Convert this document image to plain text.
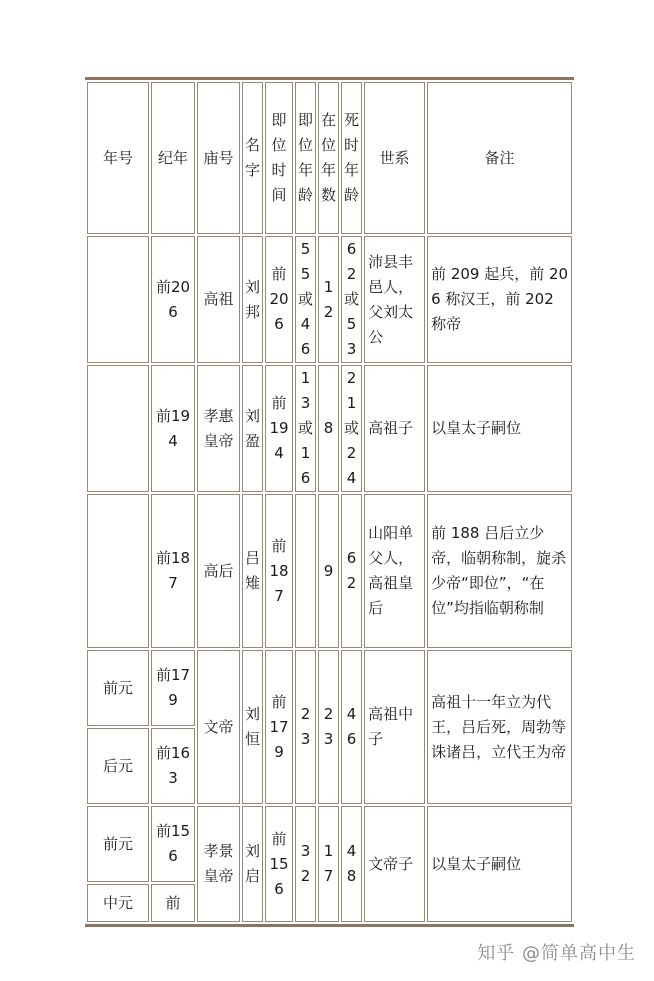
年号	纪年	庙号	名字	即位时间	即位年龄	在位年数	死时年龄	世系	备注
	前206	高祖	刘邦	前206	55或46	12	62或53	沛县丰邑人，父刘太公	前 209 起兵，前 206 称汉王，前 202 称帝
	前194	孝惠皇帝	刘盈	前194	13或16	8	21或24	高祖子	以皇太子嗣位
	前187	高后	吕雉	前187		9	62	山阳单父人，高祖皇后	前 188 吕后立少帝，临朝称制，旋杀少帝“即位”，“在位”均指临朝称制
前元	前179	文帝	刘恒	前179	23	23	46	高祖中子	高祖十一年立为代王，吕后死，周勃等诛诸吕，立代王为帝
后元	前163								
前元	前156	孝景皇帝	刘启	前156	32	17	48	文帝子	以皇太子嗣位
中元	前								
知乎 @简单高中生
